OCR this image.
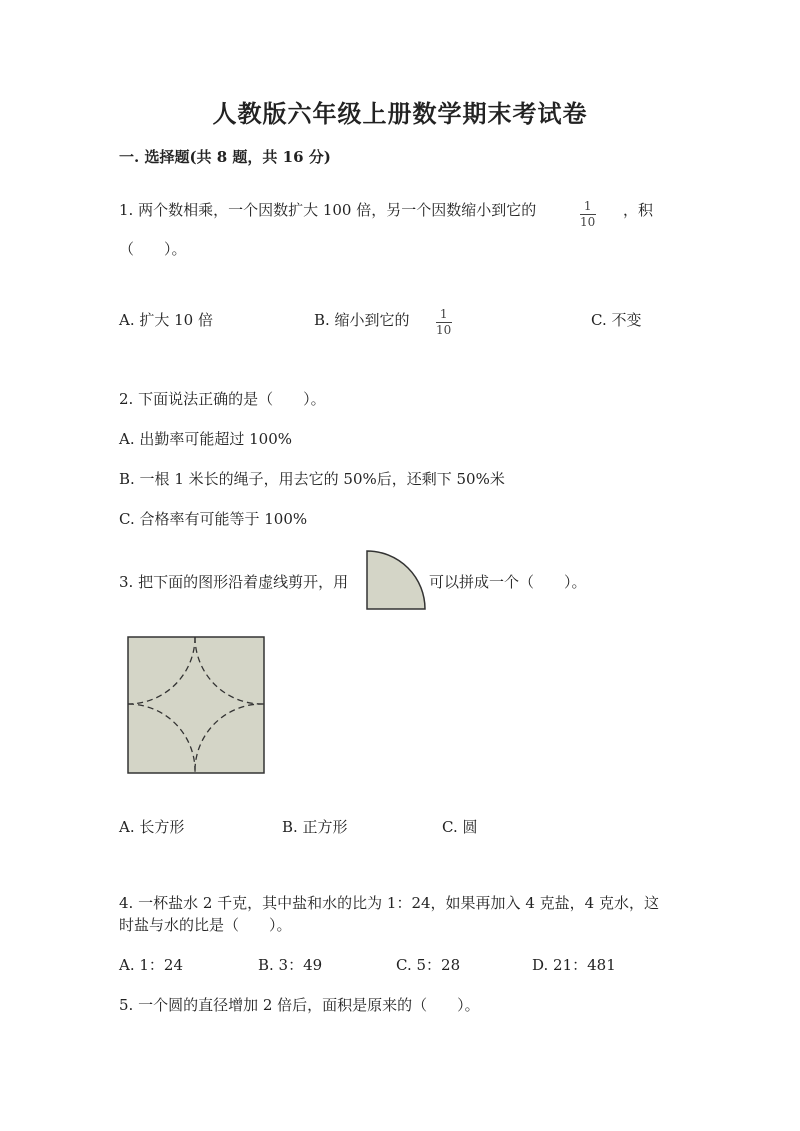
人教版六年级上册数学期末考试卷
一. 选择题(共 8 题，共 16 分)
1. 两个数相乘，一个因数扩大 100 倍，另一个因数缩小到它的	1
10
，积
（　　）。
A. 扩大 10 倍	B. 缩小到它的	1
10
C. 不变
2. 下面说法正确的是（　　）。
A. 出勤率可能超过 100%
B. 一根 1 米长的绳子，用去它的 50%后，还剩下 50%米
C. 合格率有可能等于 100%
3. 把下面的图形沿着虚线剪开，用	可以拼成一个（　　）。
A. 长方形	B. 正方形	C. 圆
4. 一杯盐水 2 千克，其中盐和水的比为 1：24，如果再加入 4 克盐，4 克水，这
时盐与水的比是（　　）。
A. 1：24	B. 3：49	C. 5：28	D. 21：481
5. 一个圆的直径增加 2 倍后，面积是原来的（　　）。
